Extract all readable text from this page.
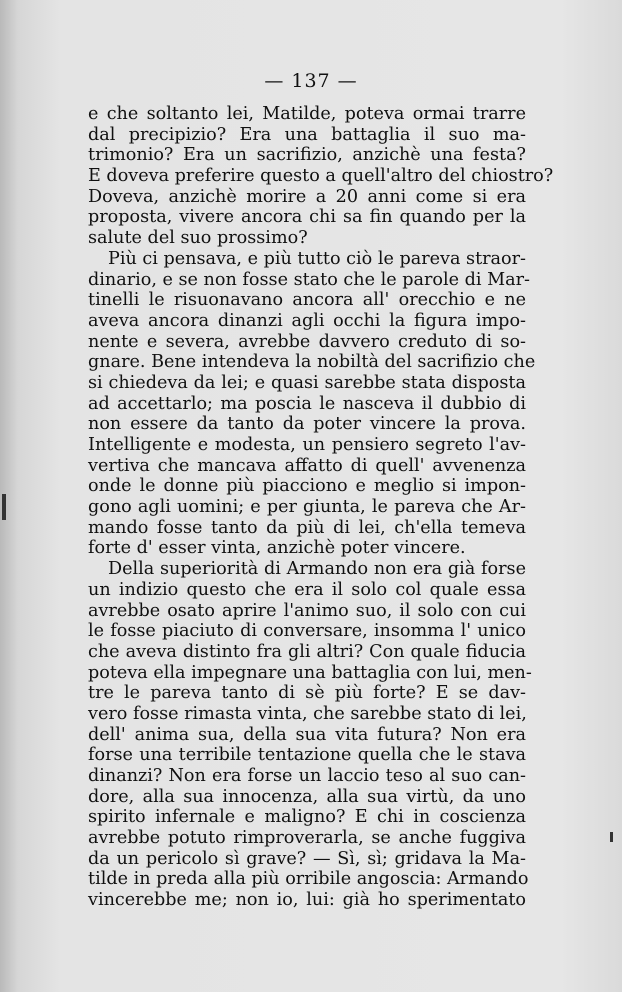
— 137 —
e che soltanto lei, Matilde, poteva ormai trarre
dal precipizio? Era una battaglia il suo ma-
trimonio? Era un sacrifizio, anzichè una festa?
E doveva preferire questo a quell'altro del chiostro?
Doveva, anzichè morire a 20 anni come si era
proposta, vivere ancora chi sa fin quando per la
salute del suo prossimo?
Più ci pensava, e più tutto ciò le pareva straor-
dinario, e se non fosse stato che le parole di Mar-
tinelli le risuonavano ancora all' orecchio e ne
aveva ancora dinanzi agli occhi la figura impo-
nente e severa, avrebbe davvero creduto di so-
gnare. Bene intendeva la nobiltà del sacrifizio che
si chiedeva da lei; e quasi sarebbe stata disposta
ad accettarlo; ma poscia le nasceva il dubbio di
non essere da tanto da poter vincere la prova.
Intelligente e modesta, un pensiero segreto l'av-
vertiva che mancava affatto di quell' avvenenza
onde le donne più piacciono e meglio si impon-
gono agli uomini; e per giunta, le pareva che Ar-
mando fosse tanto da più di lei, ch'ella temeva
forte d' esser vinta, anzichè poter vincere.
Della superiorità di Armando non era già forse
un indizio questo che era il solo col quale essa
avrebbe osato aprire l'animo suo, il solo con cui
le fosse piaciuto di conversare, insomma l' unico
che aveva distinto fra gli altri? Con quale fiducia
poteva ella impegnare una battaglia con lui, men-
tre le pareva tanto di sè più forte? E se dav-
vero fosse rimasta vinta, che sarebbe stato di lei,
dell' anima sua, della sua vita futura? Non era
forse una terribile tentazione quella che le stava
dinanzi? Non era forse un laccio teso al suo can-
dore, alla sua innocenza, alla sua virtù, da uno
spirito infernale e maligno? E chi in coscienza
avrebbe potuto rimproverarla, se anche fuggiva
da un pericolo sì grave? — Sì, sì; gridava la Ma-
tilde in preda alla più orribile angoscia: Armando
vincerebbe me; non io, lui: già ho sperimentato
